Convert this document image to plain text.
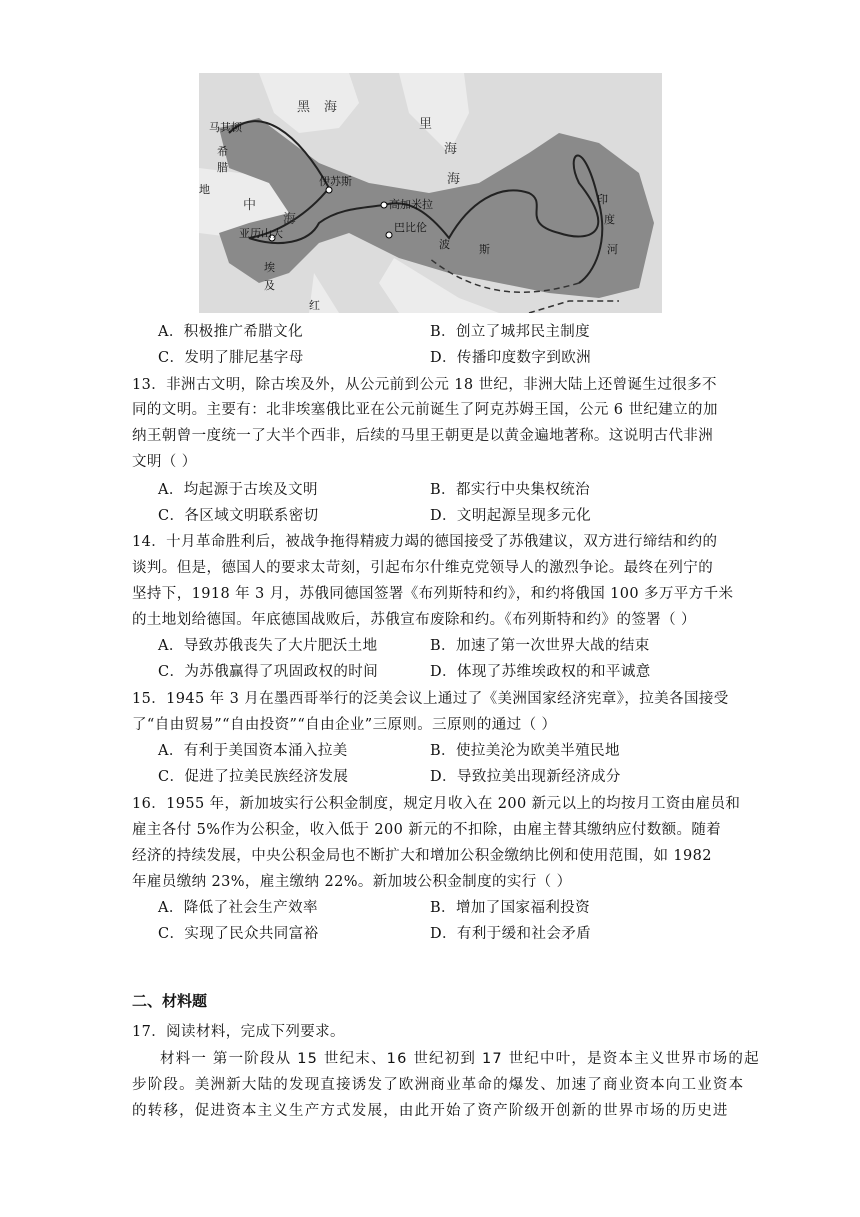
马其顿
希
腊
黑 海
里
海
海
地
中
海
伊苏斯
高加米拉
巴比伦
亚历山大
埃
及
红
波	斯
印
度
河
A．积极推广希腊文化	B．创立了城邦民主制度
C．发明了腓尼基字母	D．传播印度数字到欧洲
13．非洲古文明，除古埃及外，从公元前到公元 18 世纪，非洲大陆上还曾诞生过很多不
同的文明。主要有：北非埃塞俄比亚在公元前诞生了阿克苏姆王国，公元 6 世纪建立的加
纳王朝曾一度统一了大半个西非，后续的马里王朝更是以黄金遍地著称。这说明古代非洲
文明（ ）
A．均起源于古埃及文明	B．都实行中央集权统治
C．各区域文明联系密切	D．文明起源呈现多元化
14．十月革命胜利后，被战争拖得精疲力竭的德国接受了苏俄建议，双方进行缔结和约的
谈判。但是，德国人的要求太苛刻，引起布尔什维克党领导人的激烈争论。最终在列宁的
坚持下，1918 年 3 月，苏俄同德国签署《布列斯特和约》，和约将俄国 100 多万平方千米
的土地划给德国。年底德国战败后，苏俄宣布废除和约。《布列斯特和约》的签署（ ）
A．导致苏俄丧失了大片肥沃土地	B．加速了第一次世界大战的结束
C．为苏俄赢得了巩固政权的时间	D．体现了苏维埃政权的和平诚意
15．1945 年 3 月在墨西哥举行的泛美会议上通过了《美洲国家经济宪章》，拉美各国接受
了“自由贸易”“自由投资”“自由企业”三原则。三原则的通过（ ）
A．有利于美国资本涌入拉美	B．使拉美沦为欧美半殖民地
C．促进了拉美民族经济发展	D．导致拉美出现新经济成分
16．1955 年，新加坡实行公积金制度，规定月收入在 200 新元以上的均按月工资由雇员和
雇主各付 5%作为公积金，收入低于 200 新元的不扣除，由雇主替其缴纳应付数额。随着
经济的持续发展，中央公积金局也不断扩大和增加公积金缴纳比例和使用范围，如 1982
年雇员缴纳 23%，雇主缴纳 22%。新加坡公积金制度的实行（ ）
A．降低了社会生产效率	B．增加了国家福利投资
C．实现了民众共同富裕	D．有利于缓和社会矛盾
二、材料题
17．阅读材料，完成下列要求。
材料一 第一阶段从 15 世纪末、16 世纪初到 17 世纪中叶，是资本主义世界市场的起
步阶段。美洲新大陆的发现直接诱发了欧洲商业革命的爆发、加速了商业资本向工业资本
的转移，促进资本主义生产方式发展，由此开始了资产阶级开创新的世界市场的历史进
